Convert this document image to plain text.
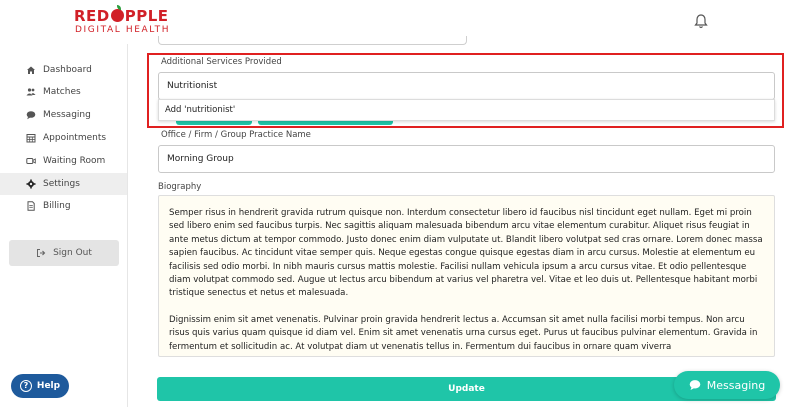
RED PPLE
DIGITAL HEALTH
Dashboard
Matches
Messaging
Appointments
Waiting Room
Settings
Billing
Sign Out
Additional Services Provided
Nutritionist
Add 'nutritionist'
Office / Firm / Group Practice Name
Morning Group
Biography

Semper risus in hendrerit gravida rutrum quisque non. Interdum consectetur libero id faucibus nisl tincidunt eget nullam. Eget mi proin sed libero enim sed faucibus turpis. Nec sagittis aliquam malesuada bibendum arcu vitae elementum curabitur. Aliquet risus feugiat in ante metus dictum at tempor commodo. Justo donec enim diam vulputate ut. Blandit libero volutpat sed cras ornare. Lorem donec massa sapien faucibus. Ac tincidunt vitae semper quis. Neque egestas congue quisque egestas diam in arcu cursus. Molestie at elementum eu facilisis sed odio morbi. In nibh mauris cursus mattis molestie. Facilisi nullam vehicula ipsum a arcu cursus vitae. Et odio pellentesque diam volutpat commodo sed. Augue ut lectus arcu bibendum at varius vel pharetra vel. Vitae et leo duis ut. Pellentesque habitant morbi tristique senectus et netus et malesuada.

Dignissim enim sit amet venenatis. Pulvinar proin gravida hendrerit lectus a. Accumsan sit amet nulla facilisi morbi tempus. Non arcu risus quis varius quam quisque id diam vel. Enim sit amet venenatis urna cursus eget. Purus ut faucibus pulvinar elementum. Gravida in fermentum et sollicitudin ac. At volutpat diam ut venenatis tellus in. Fermentum dui faucibus in ornare quam viverra

Update
? Help	Messaging
